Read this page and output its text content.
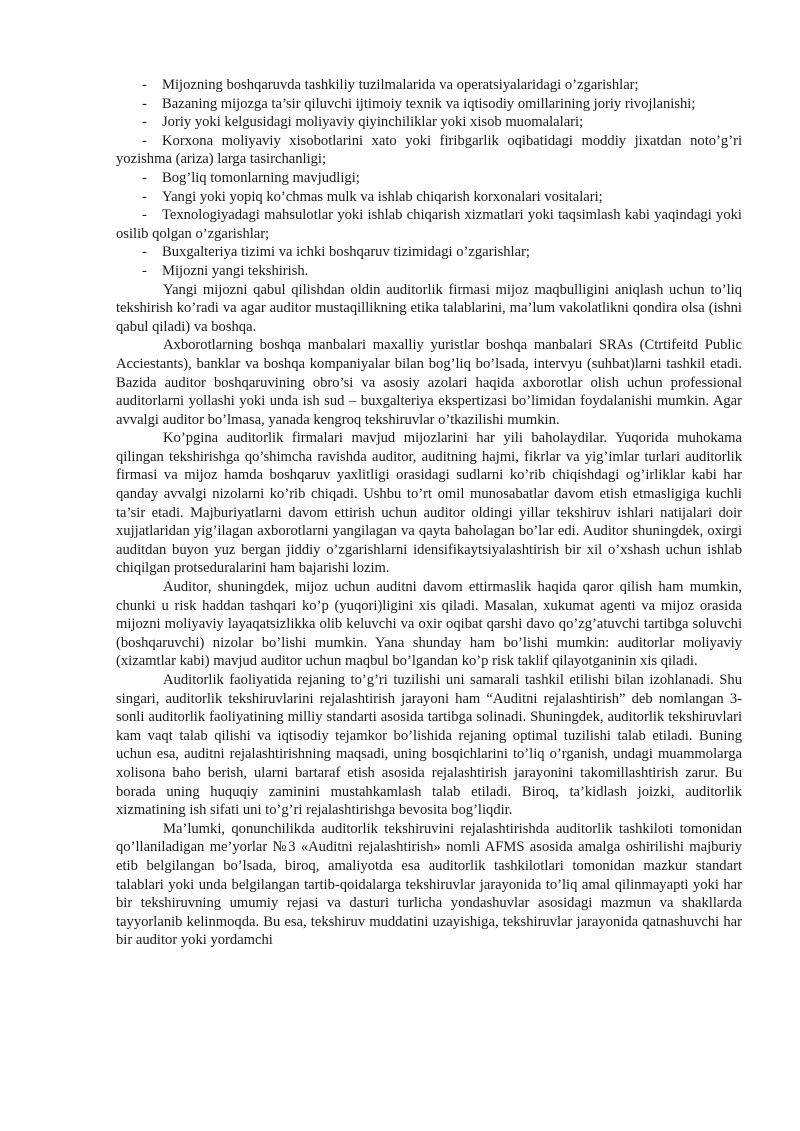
- Mijozning boshqaruvda tashkiliy tuzilmalarida va operatsiyalaridagi o’zgarishlar;

- Bazaning mijozga ta’sir qiluvchi ijtimoiy texnik va iqtisodiy omillarining joriy rivojlanishi;

- Joriy yoki kelgusidagi moliyaviy qiyinchiliklar yoki xisob muomalalari;

- Korxona moliyaviy xisobotlarini xato yoki firibgarlik oqibatidagi moddiy jixatdan noto’g’ri yozishma (ariza) larga tasirchanligi;

- Bog’liq tomonlarning mavjudligi;

- Yangi yoki yopiq ko’chmas mulk va ishlab chiqarish korxonalari vositalari;

- Texnologiyadagi mahsulotlar yoki ishlab chiqarish xizmatlari yoki taqsimlash kabi yaqindagi yoki osilib qolgan o’zgarishlar;

- Buxgalteriya tizimi va ichki boshqaruv tizimidagi o’zgarishlar;

- Mijozni yangi tekshirish.

Yangi mijozni qabul qilishdan oldin auditorlik firmasi mijoz maqbulligini aniqlash uchun to’liq tekshirish ko’radi va agar auditor mustaqillikning etika talablarini, ma’lum vakolatlikni qondira olsa (ishni qabul qiladi) va boshqa.

Axborotlarning boshqa manbalari maxalliy yuristlar boshqa manbalari SRAs (Ctrtifeitd Public Acciestants), banklar va boshqa kompaniyalar bilan bog’liq bo’lsada, intervyu (suhbat)larni tashkil etadi. Bazida auditor boshqaruvining obro’si va asosiy azolari haqida axborotlar olish uchun professional auditorlarni yollashi yoki unda ish sud – buxgalteriya ekspertizasi bo’limidan foydalanishi mumkin. Agar avvalgi auditor bo’lmasa, yanada kengroq tekshiruvlar o’tkazilishi mumkin.

Ko’pgina auditorlik firmalari mavjud mijozlarini har yili baholaydilar. Yuqorida muhokama qilingan tekshirishga qo’shimcha ravishda auditor, auditning hajmi, fikrlar va yig’imlar turlari auditorlik firmasi va mijoz hamda boshqaruv yaxlitligi orasidagi sudlarni ko’rib chiqishdagi og’irliklar kabi har qanday avvalgi nizolarni ko’rib chiqadi. Ushbu to’rt omil munosabatlar davom etish etmasligiga kuchli ta’sir etadi. Majburiyatlarni davom ettirish uchun auditor oldingi yillar tekshiruv ishlari natijalari doir xujjatlaridan yig’ilagan axborotlarni yangilagan va qayta baholagan bo’lar edi. Auditor shuningdek, oxirgi auditdan buyon yuz bergan jiddiy o’zgarishlarni idensifikaytsiyalashtirish bir xil o’xshash uchun ishlab chiqilgan protseduralarini ham bajarishi lozim.

Auditor, shuningdek, mijoz uchun auditni davom ettirmaslik haqida qaror qilish ham mumkin, chunki u risk haddan tashqari ko’p (yuqori)ligini xis qiladi. Masalan, xukumat agenti va mijoz orasida mijozni moliyaviy layaqatsizlikka olib keluvchi va oxir oqibat qarshi davo qo’zg’atuvchi tartibga soluvchi (boshqaruvchi) nizolar bo’lishi mumkin. Yana shunday ham bo’lishi mumkin: auditorlar moliyaviy (xizamtlar kabi) mavjud auditor uchun maqbul bo’lgandan ko’p risk taklif qilayotganinin xis qiladi.

Auditorlik faoliyatida rejaning to’g’ri tuzilishi uni samarali tashkil etilishi bilan izohlanadi. Shu singari, auditorlik tekshiruvlarini rejalashtirish jarayoni ham “Auditni rejalashtirish” deb nomlangan 3-sonli auditorlik faoliyatining milliy standarti asosida tartibga solinadi. Shuningdek, auditorlik tekshiruvlari kam vaqt talab qilishi va iqtisodiy tejamkor bo’lishida rejaning optimal tuzilishi talab etiladi. Buning uchun esa, auditni rejalashtirishning maqsadi, uning bosqichlarini to’liq o’rganish, undagi muammolarga xolisona baho berish, ularni bartaraf etish asosida rejalashtirish jarayonini takomillashtirish zarur. Bu borada uning huquqiy zaminini mustahkamlash talab etiladi. Biroq, ta’kidlash joizki, auditorlik xizmatining ish sifati uni to’g’ri rejalashtirishga bevosita bog’liqdir.

Ma’lumki, qonunchilikda auditorlik tekshiruvini rejalashtirishda auditorlik tashkiloti tomonidan qo’llaniladigan me’yorlar №3 «Auditni rejalashtirish» nomli AFMS asosida amalga oshirilishi majburiy etib belgilangan bo’lsada, biroq, amaliyotda esa auditorlik tashkilotlari tomonidan mazkur standart talablari yoki unda belgilangan tartib-qoidalarga tekshiruvlar jarayonida to’liq amal qilinmayapti yoki har bir tekshiruvning umumiy rejasi va dasturi turlicha yondashuvlar asosidagi mazmun va shakllarda tayyorlanib kelinmoqda. Bu esa, tekshiruv muddatini uzayishiga, tekshiruvlar jarayonida qatnashuvchi har bir auditor yoki yordamchi
